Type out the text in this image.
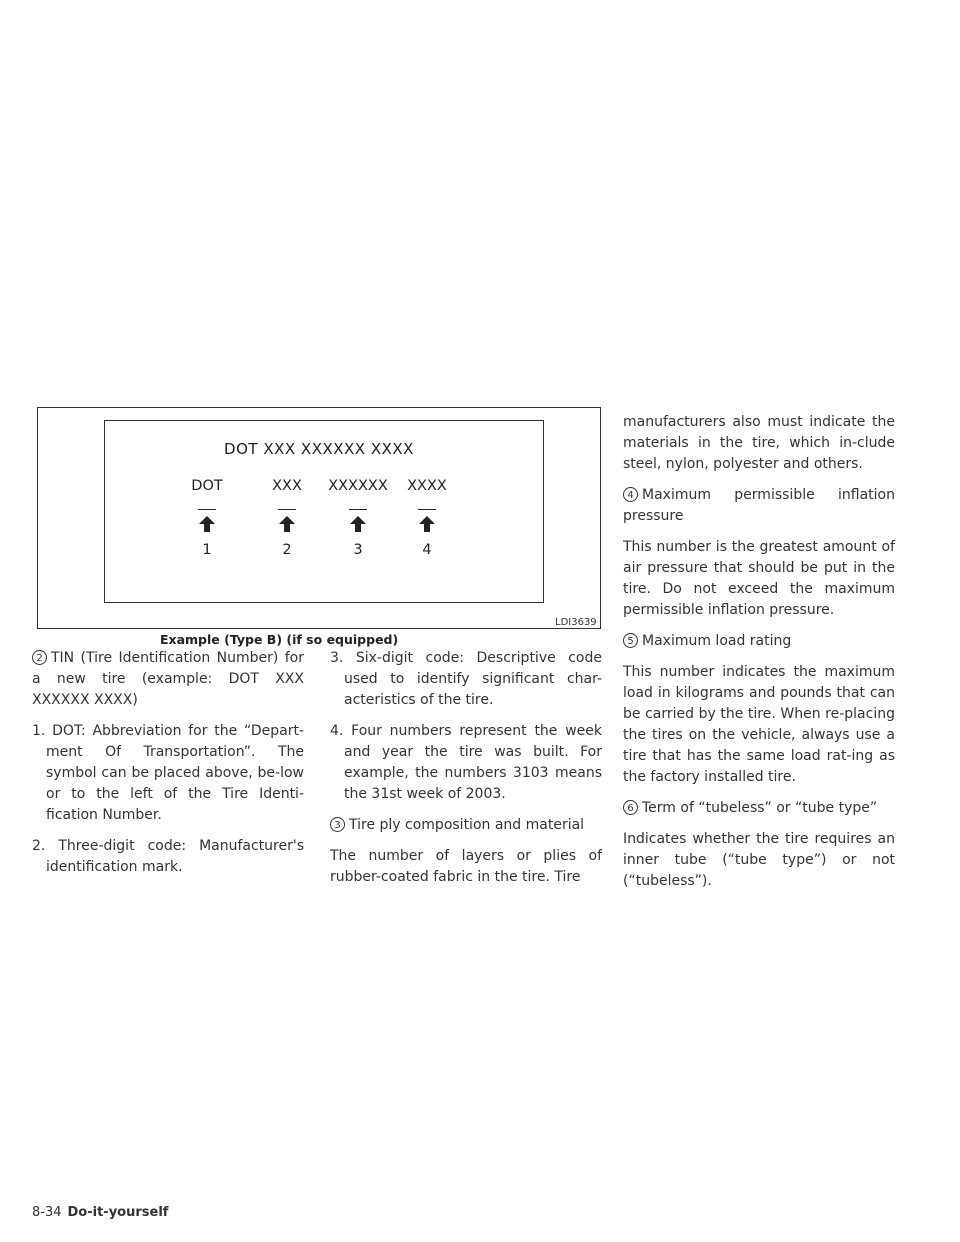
DOT XXX XXXXXX XXXX
DOT
1
XXX
2
XXXXXX
3
XXXX
4
LDI3639
Example (Type B) (if so equipped)

2 TIN (Tire Identification Number) for a new tire (example: DOT XXX XXXXXX XXXX)

1. DOT: Abbreviation for the “Depart-ment Of Transportation”. The symbol can be placed above, be-low or to the left of the Tire Identi-fication Number.

2. Three-digit code: Manufacturer's identification mark.

3. Six-digit code: Descriptive code used to identify significant char-acteristics of the tire.

4. Four numbers represent the week and year the tire was built. For example, the numbers 3103 means the 31st week of 2003.

3 Tire ply composition and material

The number of layers or plies of rubber-coated fabric in the tire. Tire

manufacturers also must indicate the materials in the tire, which in-clude steel, nylon, polyester and others.

4 Maximum permissible inflation pressure

This number is the greatest amount of air pressure that should be put in the tire. Do not exceed the maximum permissible inflation pressure.

5 Maximum load rating

This number indicates the maximum load in kilograms and pounds that can be carried by the tire. When re-placing the tires on the vehicle, always use a tire that has the same load rat-ing as the factory installed tire.

6 Term of “tubeless” or “tube type”

Indicates whether the tire requires an inner tube (“tube type”) or not (“tubeless”).

8-34 Do-it-yourself
